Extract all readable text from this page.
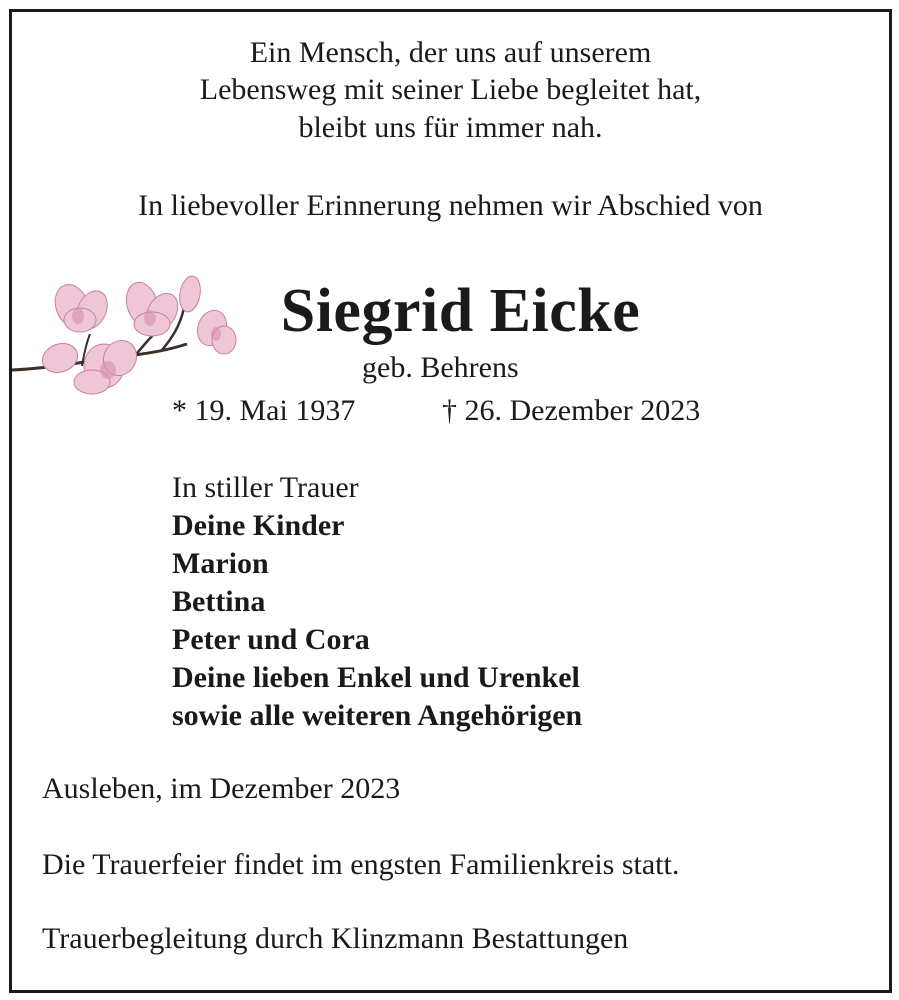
Ein Mensch, der uns auf unserem
Lebensweg mit seiner Liebe begleitet hat,
bleibt uns für immer nah.
In liebevoller Erinnerung nehmen wir Abschied von
Siegrid Eicke
geb. Behrens
* 19. Mai 1937	† 26. Dezember 2023
In stiller Trauer
Deine Kinder
Marion
Bettina
Peter und Cora
Deine lieben Enkel und Urenkel
sowie alle weiteren Angehörigen
Ausleben, im Dezember 2023
Die Trauerfeier findet im engsten Familienkreis statt.
Trauerbegleitung durch Klinzmann Bestattungen
